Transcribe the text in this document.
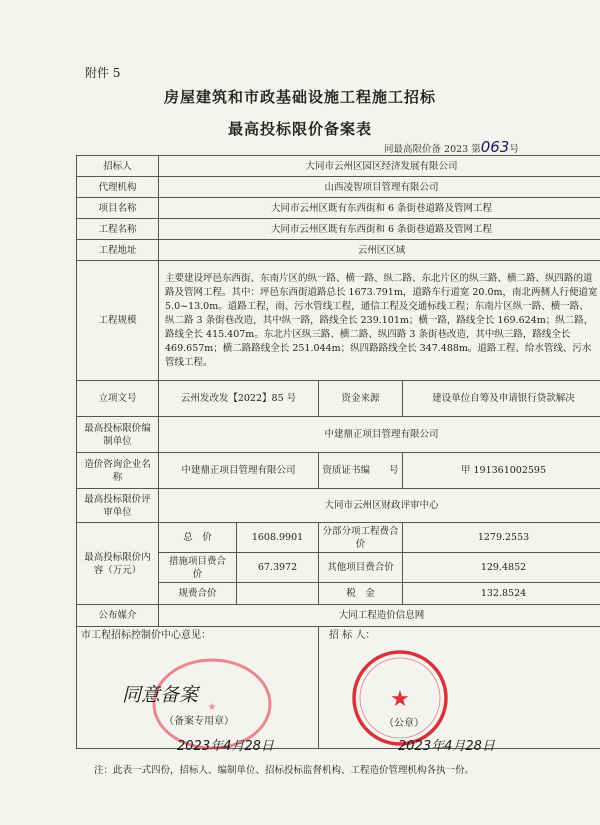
附件 5
房屋建筑和市政基础设施工程施工招标
最高投标限价备案表
同最高限价备 2023 第063号
招标人	大同市云州区园区经济发展有限公司			
代理机构	山西凌智项目管理有限公司			
项目名称	大同市云州区既有东西街和 6 条街巷道路及管网工程			
工程名称	大同市云州区既有东西街和 6 条街巷道路及管网工程			
工程地址	云州区区域			
工程规模	主要建设坪邑东西街、东南片区的纵一路、横一路、纵二路、东北片区的纵三路、横二路、纵四路的道路及管网工程。其中：坪邑东西街道路总长 1673.791m，道路车行道宽 20.0m，南北两侧人行便道宽 5.0~13.0m。道路工程，雨、污水管线工程，通信工程及交通标线工程；东南片区纵一路、横一路、纵二路 3 条街巷改造，其中纵一路，路线全长 239.101m；横一路，路线全长 169.624m；纵二路，路线全长 415.407m。东北片区纵三路、横二路、纵四路 3 条街巷改造，其中纵三路，路线全长 469.657m；横二路路线全长 251.044m；纵四路路线全长 347.488m。道路工程、给水管线、污水管线工程。			
立项文号	云州发改发【2022】85 号		资金来源	建设单位自筹及申请银行贷款解决
最高投标限价编制单位	中建鼎正项目管理有限公司			
造价咨询企业名称	中建鼎正项目管理有限公司		资质证书编　　号	甲 191361002595
最高投标限价评审单位	大同市云州区财政评审中心			
最高投标限价内容（万元）	总　价	1608.9901	分部分项工程费合价	1279.2553
	措施项目费合　价	67.3972	其他项目费合价	129.4852
	规费合价		税　金	132.8524
公布媒介	大同工程造价信息网			

市工程招标控制价中心意见：			招 标 人：	
★
同意备案
（备案专用章）
2023年4月28日
★
（公章）
2023年4月28日
注：此表一式四份，招标人、编制单位、招标投标监督机构、工程造价管理机构各执一份。
